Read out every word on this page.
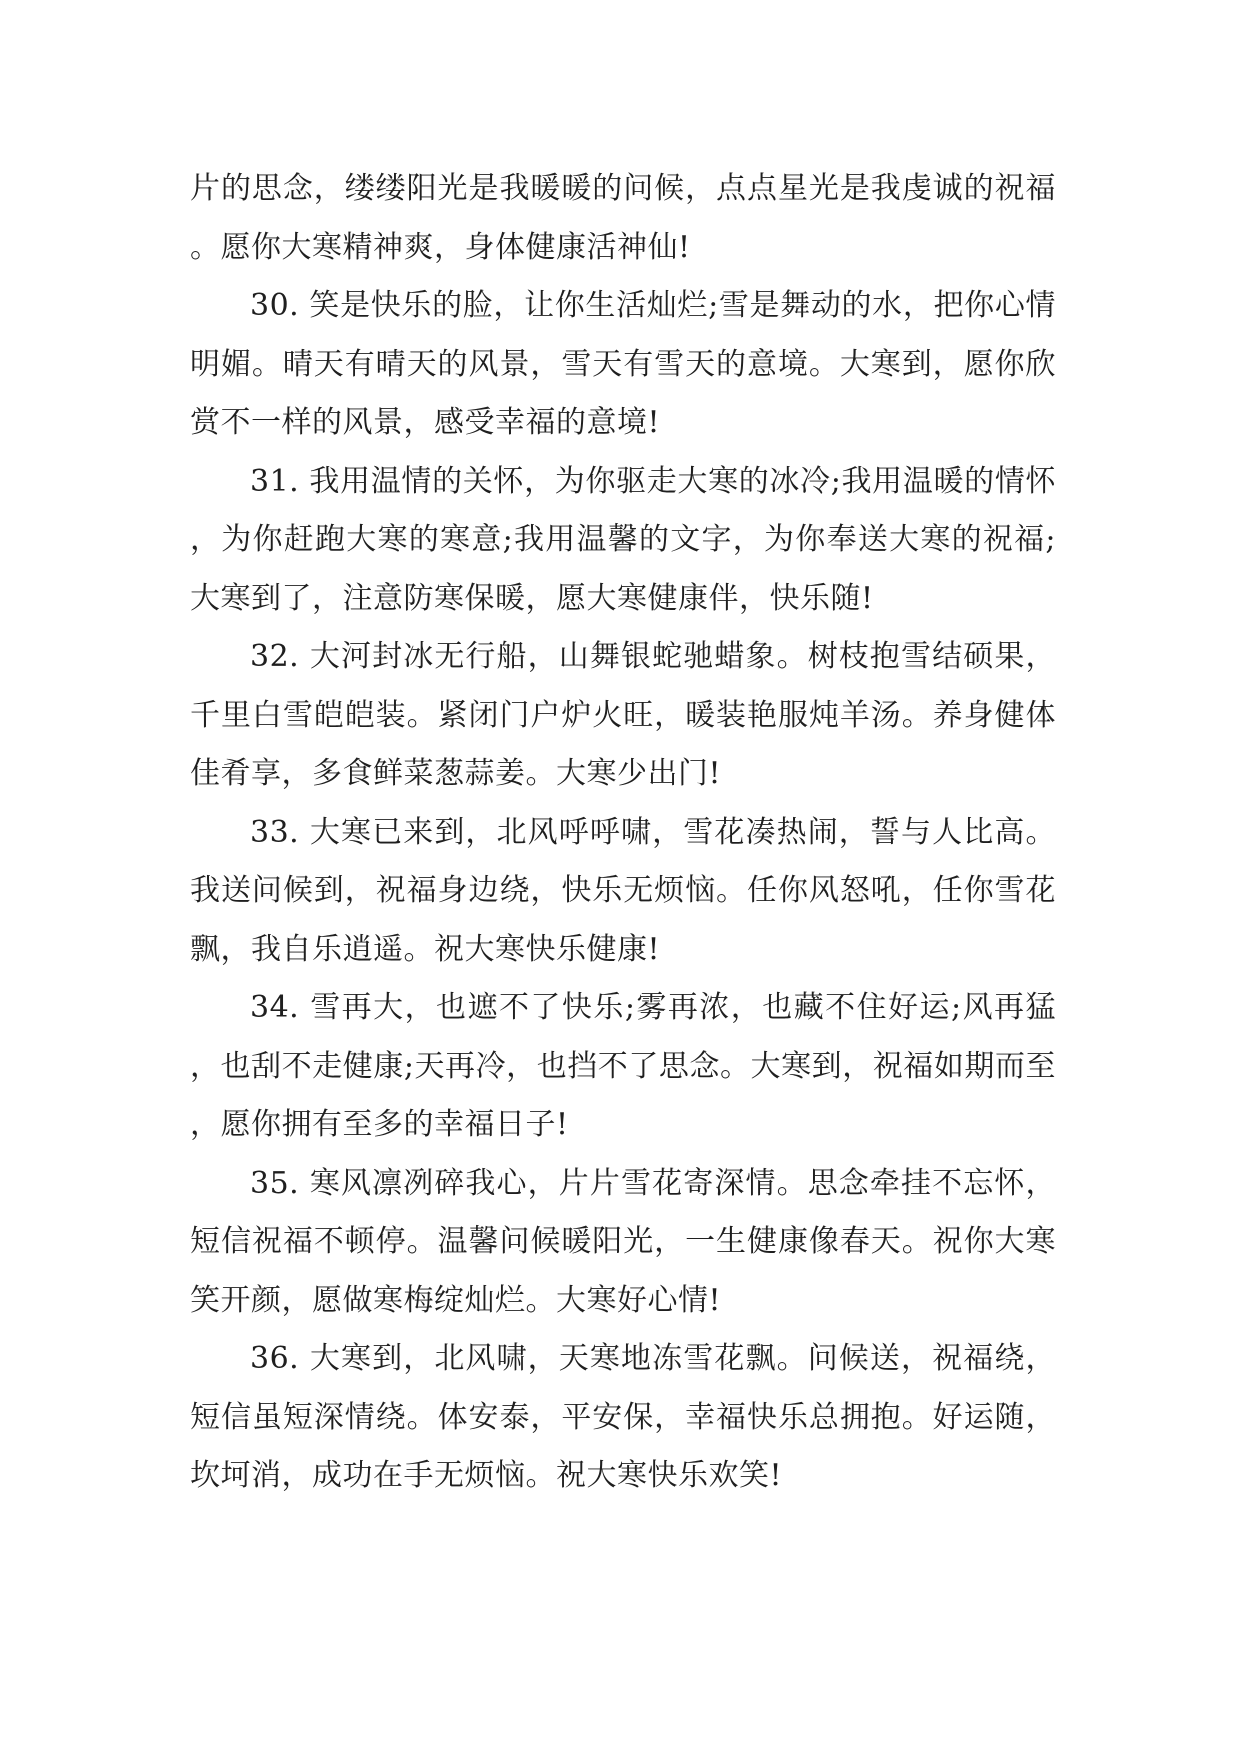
片的思念，缕缕阳光是我暖暖的问候，点点星光是我虔诚的祝福。愿你大寒精神爽，身体健康活神仙!

30. 笑是快乐的脸，让你生活灿烂;雪是舞动的水，把你心情明媚。晴天有晴天的风景，雪天有雪天的意境。大寒到，愿你欣赏不一样的风景，感受幸福的意境!

31. 我用温情的关怀，为你驱走大寒的冰冷;我用温暖的情怀，为你赶跑大寒的寒意;我用温馨的文字，为你奉送大寒的祝福;大寒到了，注意防寒保暖，愿大寒健康伴，快乐随!

32. 大河封冰无行船，山舞银蛇驰蜡象。树枝抱雪结硕果，千里白雪皑皑装。紧闭门户炉火旺，暖装艳服炖羊汤。养身健体佳肴享，多食鲜菜葱蒜姜。大寒少出门!

33. 大寒已来到，北风呼呼啸，雪花凑热闹，誓与人比高。我送问候到，祝福身边绕，快乐无烦恼。任你风怒吼，任你雪花飘，我自乐逍遥。祝大寒快乐健康!

34. 雪再大，也遮不了快乐;雾再浓，也藏不住好运;风再猛，也刮不走健康;天再冷，也挡不了思念。大寒到，祝福如期而至，愿你拥有至多的幸福日子!

35. 寒风凛冽碎我心，片片雪花寄深情。思念牵挂不忘怀，短信祝福不顿停。温馨问候暖阳光，一生健康像春天。祝你大寒笑开颜，愿做寒梅绽灿烂。大寒好心情!

36. 大寒到，北风啸，天寒地冻雪花飘。问候送，祝福绕，短信虽短深情绕。体安泰，平安保，幸福快乐总拥抱。好运随，坎坷消，成功在手无烦恼。祝大寒快乐欢笑!
